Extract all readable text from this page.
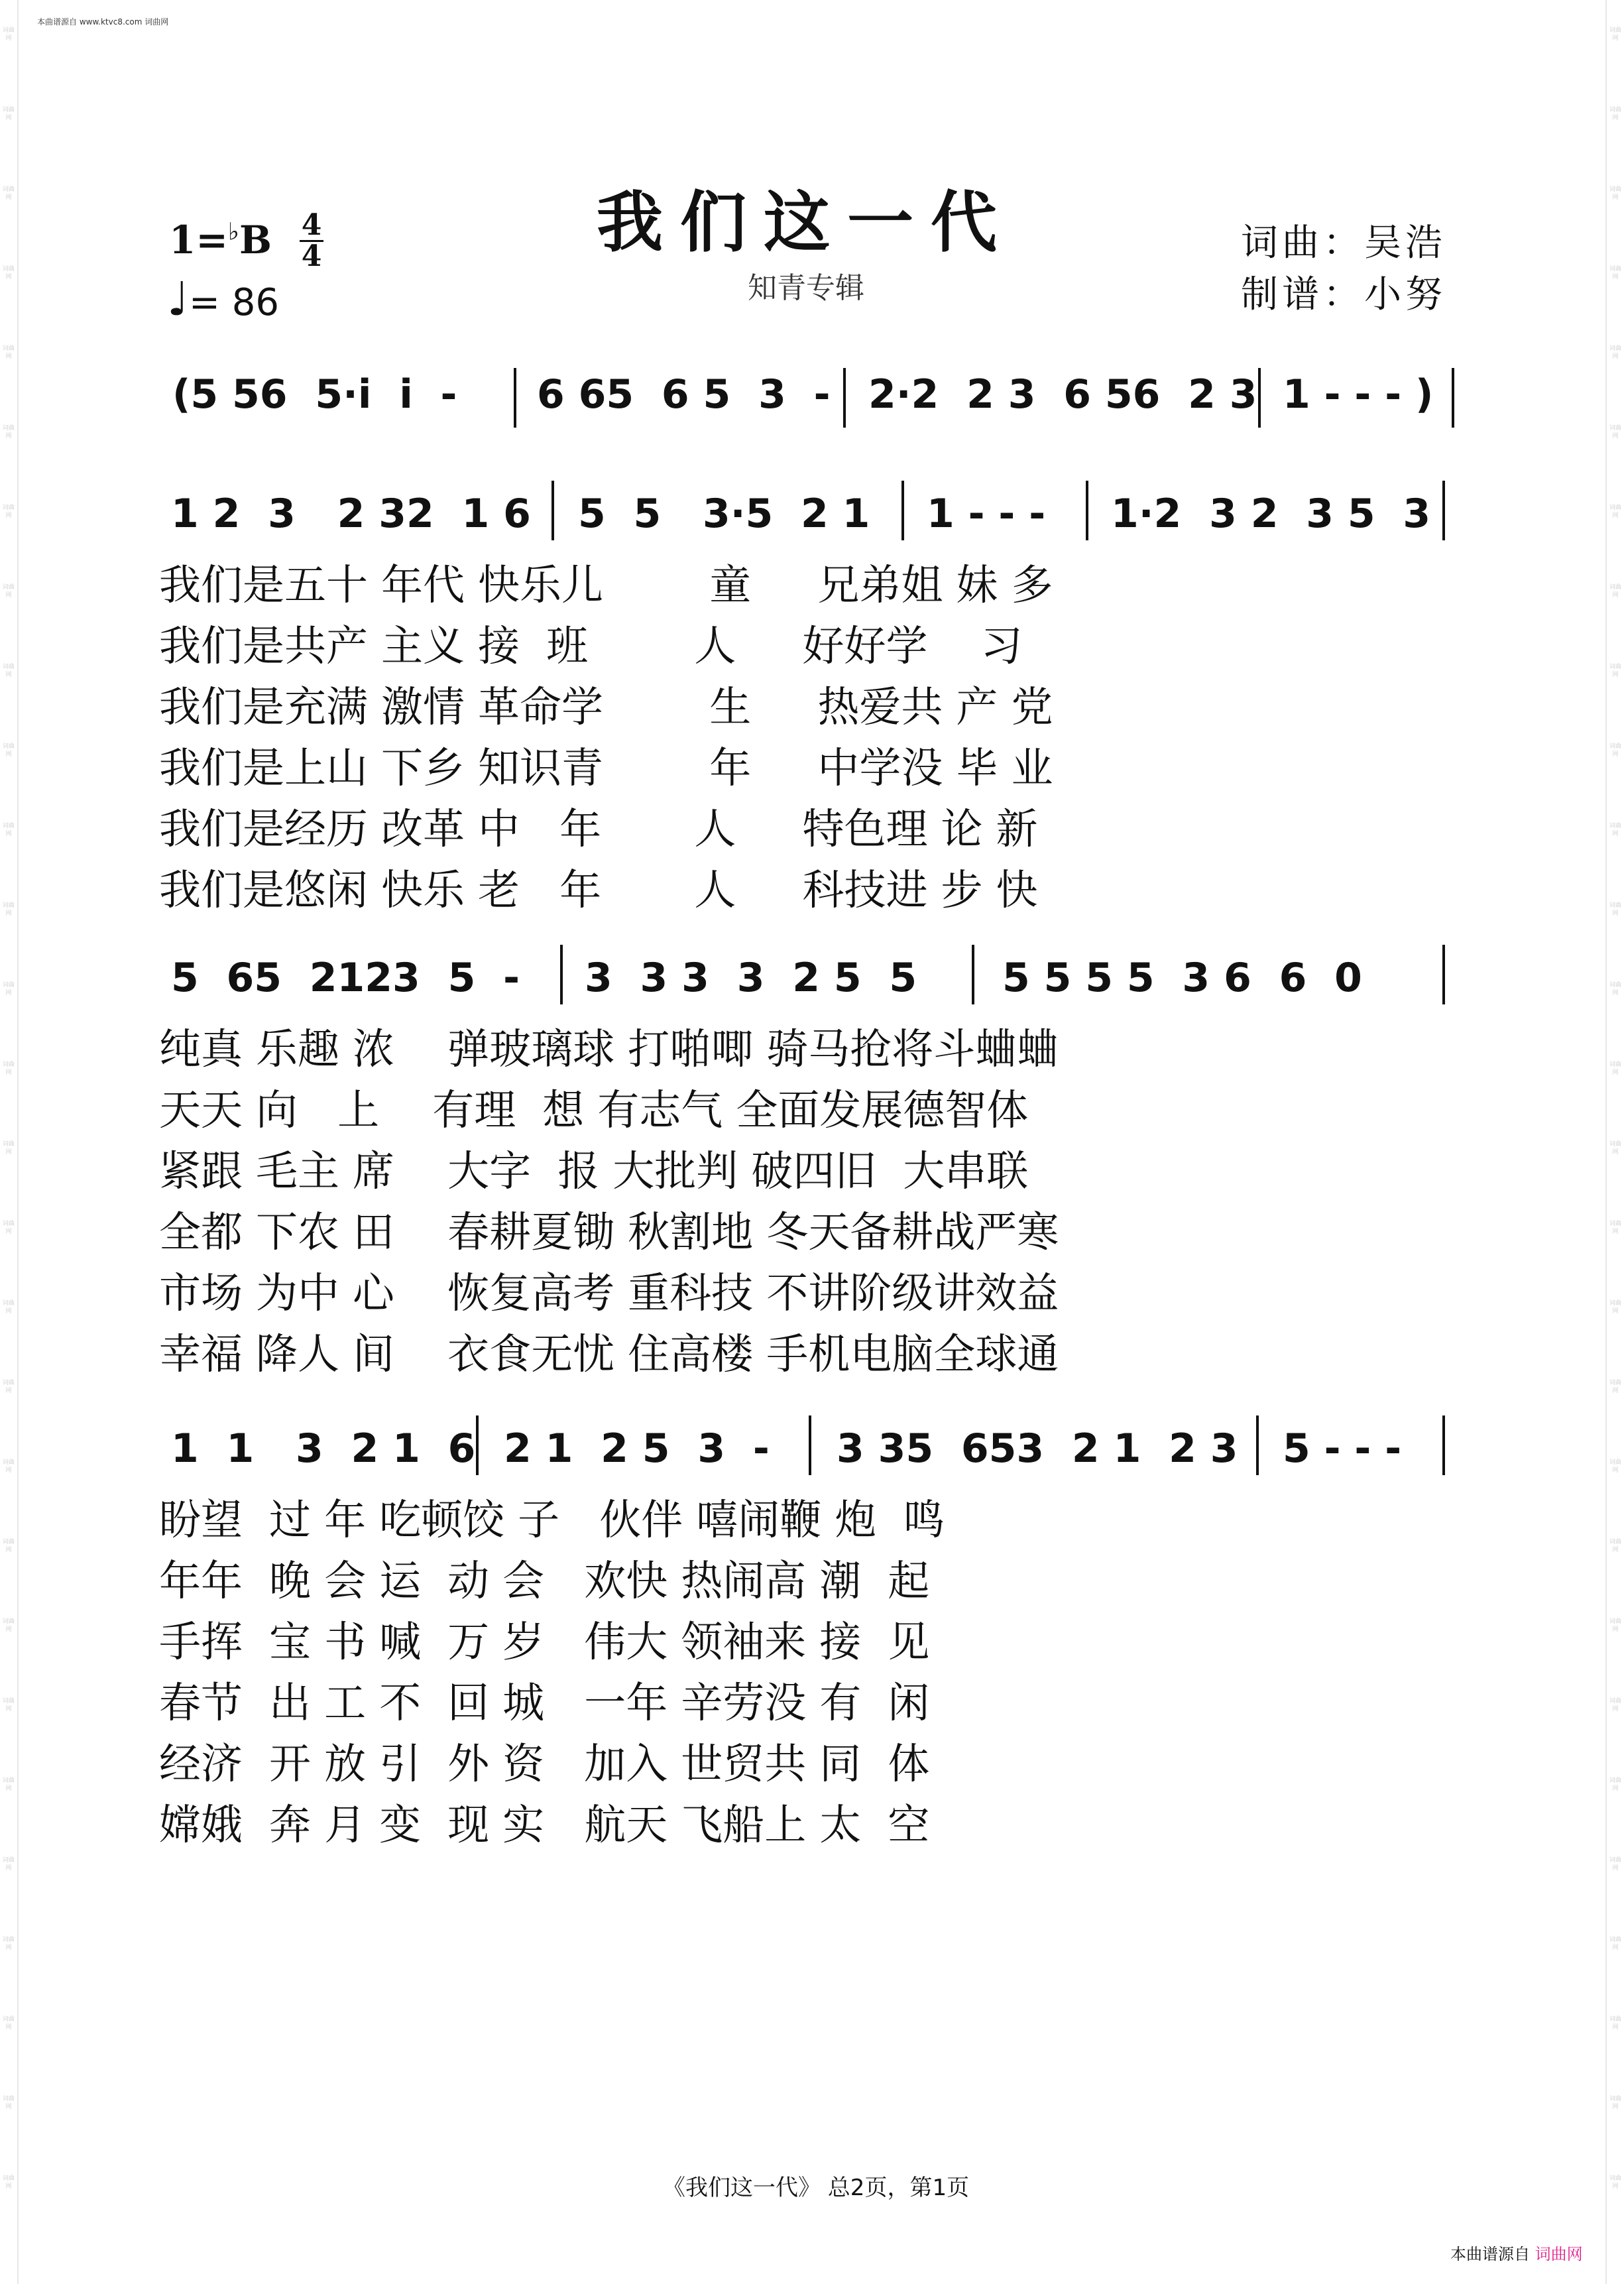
词曲网
词曲网
词曲网
词曲网
词曲网
词曲网
词曲网
词曲网
词曲网
词曲网
词曲网
词曲网
词曲网
词曲网
词曲网
词曲网
词曲网
词曲网
词曲网
词曲网
词曲网
词曲网
词曲网
词曲网
词曲网
词曲网
词曲网
词曲网
词曲网
词曲网
词曲网
词曲网
词曲网
词曲网
词曲网
词曲网
词曲网
词曲网
词曲网
词曲网
词曲网
词曲网
词曲网
词曲网
词曲网
词曲网
词曲网
词曲网
词曲网
词曲网
词曲网
词曲网
词曲网
词曲网
词曲网
词曲网
本曲谱源自 www.ktvc8.com 词曲网
我们这一代
知青专辑
1=♭B 4
4
♩= 86
词曲：吴浩
制谱：小努
(5 56  5·i  i  - 6 65  6 5  3  - 2·2  2 3  6 56  2 3 1 - - - )
1 2  3   2 32  1 6 5  5   3·5  2 1 1 - - - 1·2  3 2  3 5  3
我们是五十 年代 快乐儿        童     兄弟姐 妹 多
我们是共产 主义 接  班        人     好好学    习
我们是充满 激情 革命学        生     热爱共 产 党
我们是上山 下乡 知识青        年     中学没 毕 业
我们是经历 改革 中   年       人     特色理 论 新
我们是悠闲 快乐 老   年       人     科技进 步 快
5  65  2123  5  - 3  3 3  3  2 5  5 5 5 5 5  3 6  6  0
纯真 乐趣 浓    弹玻璃球 打啪唧 骑马抢将斗蛐蛐
天天 向   上    有理  想 有志气 全面发展德智体
紧跟 毛主 席    大字  报 大批判 破四旧  大串联
全都 下农 田    春耕夏锄 秋割地 冬天备耕战严寒
市场 为中 心    恢复高考 重科技 不讲阶级讲效益
幸福 降人 间    衣食无忧 住高楼 手机电脑全球通
1  1   3  2 1  6 2 1  2 5  3  - 3 35  653  2 1  2 3 5 - - -
盼望  过 年 吃顿饺 子   伙伴 嘻闹鞭 炮  鸣
年年  晚 会 运  动 会   欢快 热闹高 潮  起
手挥  宝 书 喊  万 岁   伟大 领袖来 接  见
春节  出 工 不  回 城   一年 辛劳没 有  闲
经济  开 放 引  外 资   加入 世贸共 同  体
嫦娥  奔 月 变  现 实   航天 飞船上 太  空
《我们这一代》 总2页，第1页
本曲谱源自 词曲网
